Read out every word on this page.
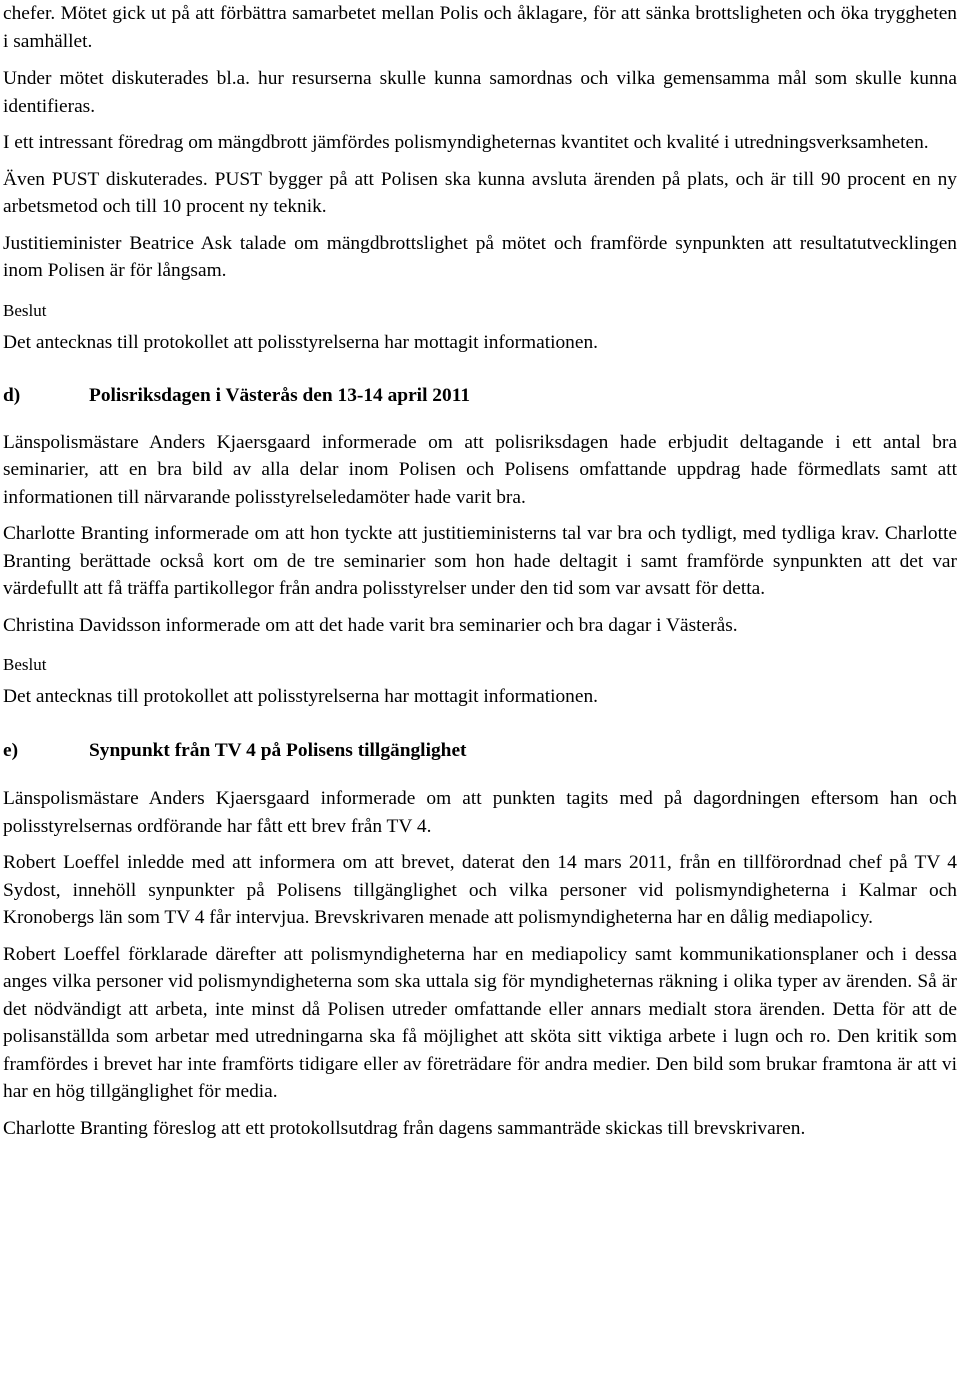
chefer. Mötet gick ut på att förbättra samarbetet mellan Polis och åklagare, för att sänka brottsligheten och öka tryggheten i samhället.

Under mötet diskuterades bl.a. hur resurserna skulle kunna samordnas och vilka gemensamma mål som skulle kunna identifieras.

I ett intressant föredrag om mängdbrott jämfördes polismyndigheternas kvantitet och kvalité i utredningsverksamheten.

Även PUST diskuterades. PUST bygger på att Polisen ska kunna avsluta ärenden på plats, och är till 90 procent en ny arbetsmetod och till 10 procent ny teknik.

Justitieminister Beatrice Ask talade om mängdbrottslighet på mötet och framförde synpunkten att resultatutvecklingen inom Polisen är för långsam.

Beslut

Det antecknas till protokollet att polisstyrelserna har mottagit informationen.

d)	Polisriksdagen i Västerås den 13-14 april 2011

Länspolismästare Anders Kjaersgaard informerade om att polisriksdagen hade erbjudit deltagande i ett antal bra seminarier, att en bra bild av alla delar inom Polisen och Polisens omfattande uppdrag hade förmedlats samt att informationen till närvarande polisstyrelseledamöter hade varit bra.

Charlotte Branting informerade om att hon tyckte att justitieministerns tal var bra och tydligt, med tydliga krav. Charlotte Branting berättade också kort om de tre seminarier som hon hade deltagit i samt framförde synpunkten att det var värdefullt att få träffa partikollegor från andra polisstyrelser under den tid som var avsatt för detta.

Christina Davidsson informerade om att det hade varit bra seminarier och bra dagar i Västerås.

Beslut

Det antecknas till protokollet att polisstyrelserna har mottagit informationen.

e)	Synpunkt från TV 4 på Polisens tillgänglighet

Länspolismästare Anders Kjaersgaard informerade om att punkten tagits med på dagordningen eftersom han och polisstyrelsernas ordförande har fått ett brev från TV 4.

Robert Loeffel inledde med att informera om att brevet, daterat den 14 mars 2011, från en tillförordnad chef på TV 4 Sydost, innehöll synpunkter på Polisens tillgänglighet och vilka personer vid polismyndigheterna i Kalmar och Kronobergs län som TV 4 får intervjua. Brevskrivaren menade att polismyndigheterna har en dålig mediapolicy.

Robert Loeffel förklarade därefter att polismyndigheterna har en mediapolicy samt kommunikationsplaner och i dessa anges vilka personer vid polismyndigheterna som ska uttala sig för myndigheternas räkning i olika typer av ärenden. Så är det nödvändigt att arbeta, inte minst då Polisen utreder omfattande eller annars medialt stora ärenden. Detta för att de polisanställda som arbetar med utredningarna ska få möjlighet att sköta sitt viktiga arbete i lugn och ro. Den kritik som framfördes i brevet har inte framförts tidigare eller av företrädare för andra medier. Den bild som brukar framtona är att vi har en hög tillgänglighet för media.

Charlotte Branting föreslog att ett protokollsutdrag från dagens sammanträde skickas till brevskrivaren.
